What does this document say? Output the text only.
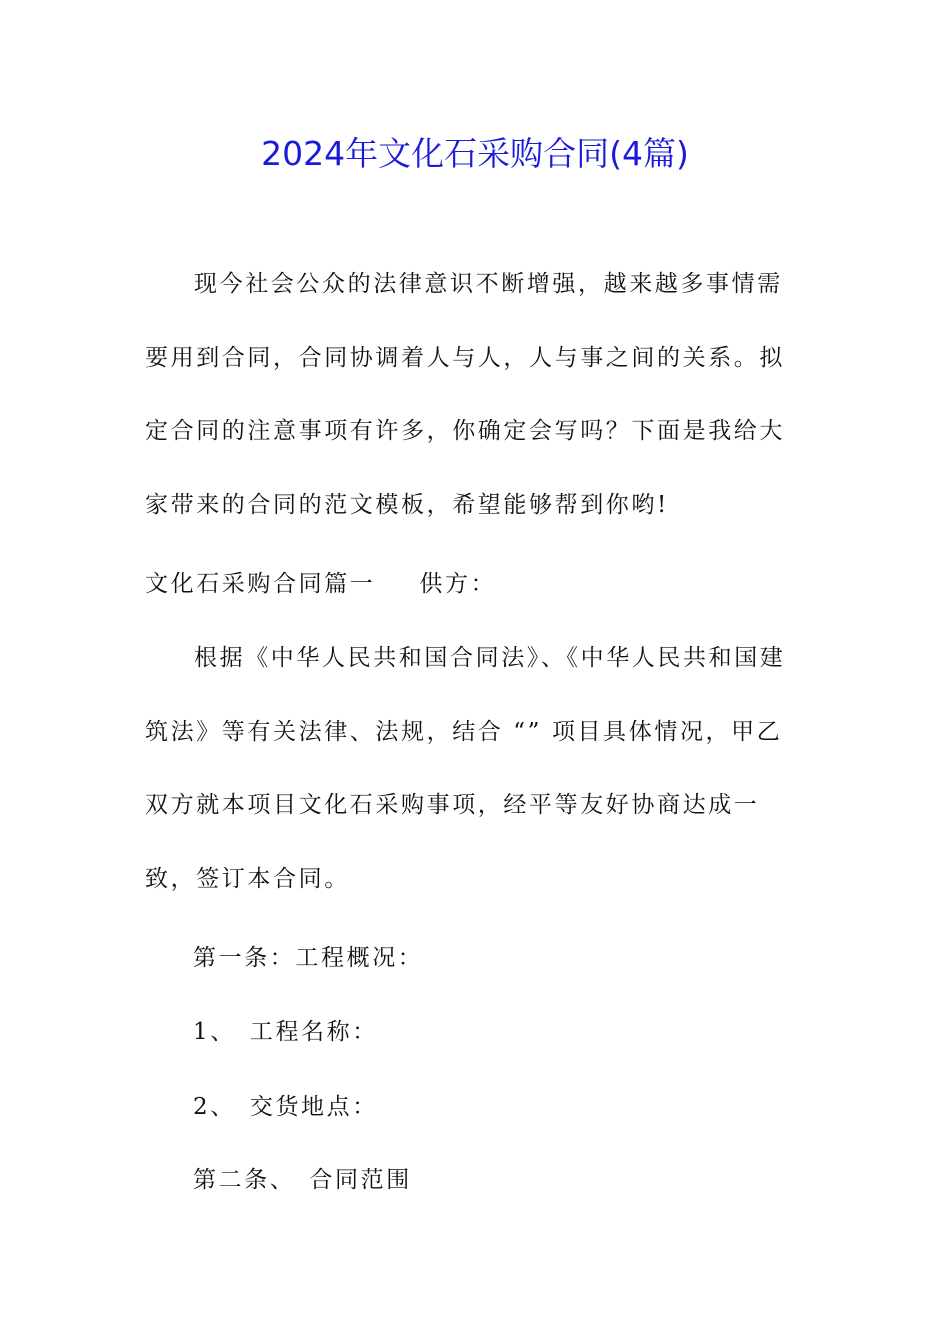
2024年文化石采购合同(4篇)

现今社会公众的法律意识不断增强，越来越多事情需要用到合同，合同协调着人与人，人与事之间的关系。拟定合同的注意事项有许多，你确定会写吗？下面是我给大家带来的合同的范文模板，希望能够帮到你哟!

文化石采购合同篇一 供方：

根据《中华人民共和国合同法》、《中华人民共和国建筑法》等有关法律、法规，结合 “” 项目具体情况，甲乙双方就本项目文化石采购事项，经平等友好协商达成一致，签订本合同。

第一条：工程概况：

1、 工程名称：

2、 交货地点：

第二条、 合同范围
